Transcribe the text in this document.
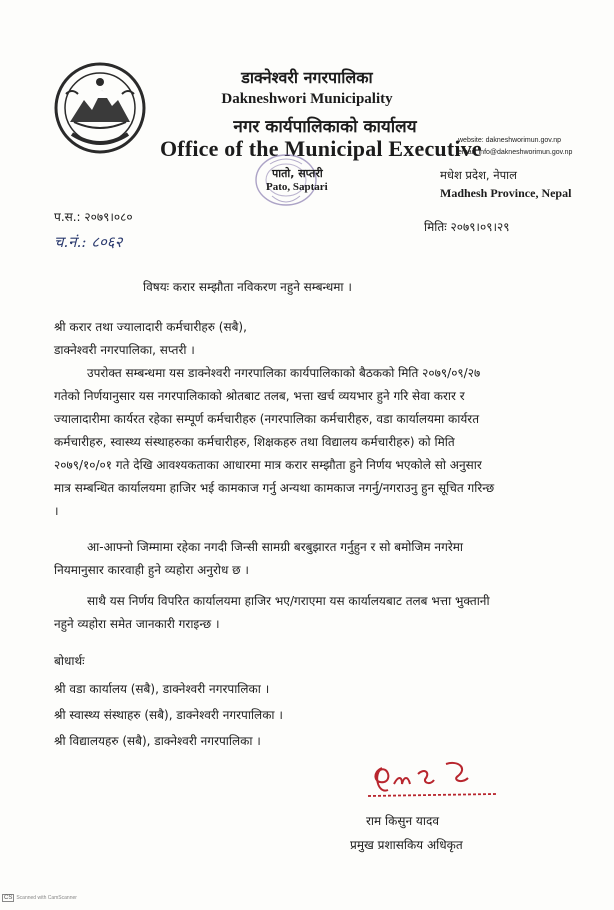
डाक्नेश्वरी नगरपालिका
Dakneshwori Municipality
नगर कार्यपालिकाको कार्यालय
Office of the Municipal Executive
website: dakneshworimun.gov.np
email: info@dakneshworimun.gov.np
पातो, सप्तरी
Pato, Saptari
मधेश प्रदेश, नेपाल
Madhesh Province, Nepal
प.स.: २०७९।०८०
च.नं.: ८०६२
मितिः २०७९।०९।२९
विषयः करार सम्झौता नविकरण नहुने सम्बन्धमा ।
श्री करार तथा ज्यालादारी कर्मचारीहरु (सबै),
डाक्नेश्वरी नगरपालिका, सप्तरी ।
उपरोक्त सम्बन्धमा यस डाक्नेश्वरी नगरपालिका कार्यपालिकाको बैठकको मिति २०७९/०९/२७
गतेको निर्णयानुसार यस नगरपालिकाको श्रोतबाट तलब, भत्ता खर्च व्ययभार हुने गरि सेवा करार र
ज्यालादारीमा कार्यरत रहेका सम्पूर्ण कर्मचारीहरु (नगरपालिका कर्मचारीहरु, वडा कार्यालयमा कार्यरत
कर्मचारीहरु, स्वास्थ्य संस्थाहरुका कर्मचारीहरु, शिक्षकहरु तथा विद्यालय कर्मचारीहरु) को मिति
२०७९/१०/०१ गते देखि आवश्यकताका आधारमा मात्र करार सम्झौता हुने निर्णय भएकोले सो अनुसार
मात्र सम्बन्धित कार्यालयमा हाजिर भई कामकाज गर्नु अन्यथा कामकाज नगर्नु/नगराउनु हुन सूचित गरिन्छ
।
आ-आफ्नो जिम्मामा रहेका नगदी जिन्सी सामग्री बरबुझारत गर्नुहुन र सो बमोजिम नगरेमा
नियमानुसार कारवाही हुने व्यहोरा अनुरोध छ ।
साथै यस निर्णय विपरित कार्यालयमा हाजिर भए/गराएमा यस कार्यालयबाट तलब भत्ता भुक्तानी
नहुने व्यहोरा समेत जानकारी गराइन्छ ।
बोधार्थः
श्री वडा कार्यालय (सबै), डाक्नेश्वरी नगरपालिका ।
श्री स्वास्थ्य संस्थाहरु (सबै), डाक्नेश्वरी नगरपालिका ।
श्री विद्यालयहरु (सबै), डाक्नेश्वरी नगरपालिका ।
राम किसुन यादव
प्रमुख प्रशासकिय अधिकृत
CS Scanned with CamScanner
